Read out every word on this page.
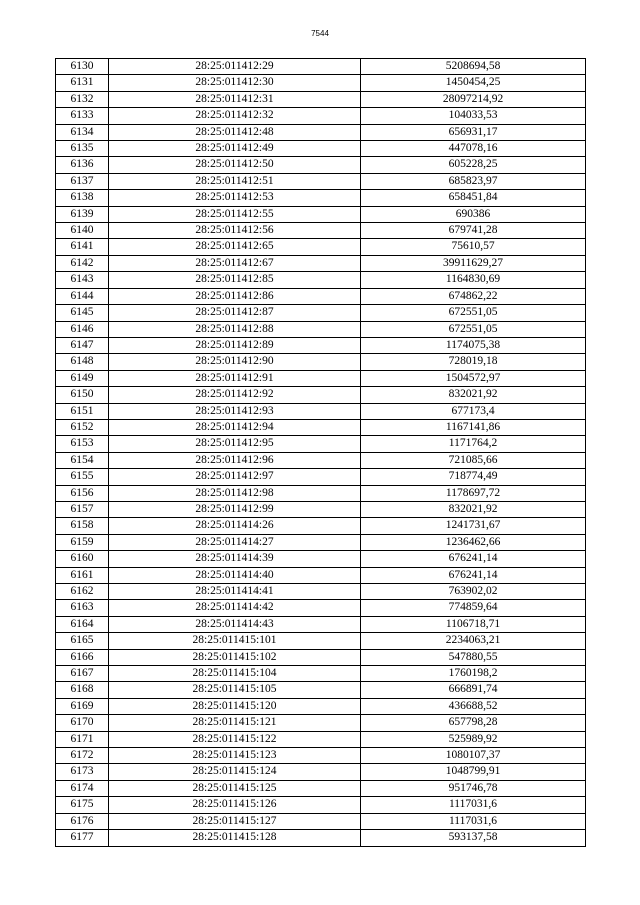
7544
6130	28:25:011412:29	5208694,58
6131	28:25:011412:30	1450454,25
6132	28:25:011412:31	28097214,92
6133	28:25:011412:32	104033,53
6134	28:25:011412:48	656931,17
6135	28:25:011412:49	447078,16
6136	28:25:011412:50	605228,25
6137	28:25:011412:51	685823,97
6138	28:25:011412:53	658451,84
6139	28:25:011412:55	690386
6140	28:25:011412:56	679741,28
6141	28:25:011412:65	75610,57
6142	28:25:011412:67	39911629,27
6143	28:25:011412:85	1164830,69
6144	28:25:011412:86	674862,22
6145	28:25:011412:87	672551,05
6146	28:25:011412:88	672551,05
6147	28:25:011412:89	1174075,38
6148	28:25:011412:90	728019,18
6149	28:25:011412:91	1504572,97
6150	28:25:011412:92	832021,92
6151	28:25:011412:93	677173,4
6152	28:25:011412:94	1167141,86
6153	28:25:011412:95	1171764,2
6154	28:25:011412:96	721085,66
6155	28:25:011412:97	718774,49
6156	28:25:011412:98	1178697,72
6157	28:25:011412:99	832021,92
6158	28:25:011414:26	1241731,67
6159	28:25:011414:27	1236462,66
6160	28:25:011414:39	676241,14
6161	28:25:011414:40	676241,14
6162	28:25:011414:41	763902,02
6163	28:25:011414:42	774859,64
6164	28:25:011414:43	1106718,71
6165	28:25:011415:101	2234063,21
6166	28:25:011415:102	547880,55
6167	28:25:011415:104	1760198,2
6168	28:25:011415:105	666891,74
6169	28:25:011415:120	436688,52
6170	28:25:011415:121	657798,28
6171	28:25:011415:122	525989,92
6172	28:25:011415:123	1080107,37
6173	28:25:011415:124	1048799,91
6174	28:25:011415:125	951746,78
6175	28:25:011415:126	1117031,6
6176	28:25:011415:127	1117031,6
6177	28:25:011415:128	593137,58
